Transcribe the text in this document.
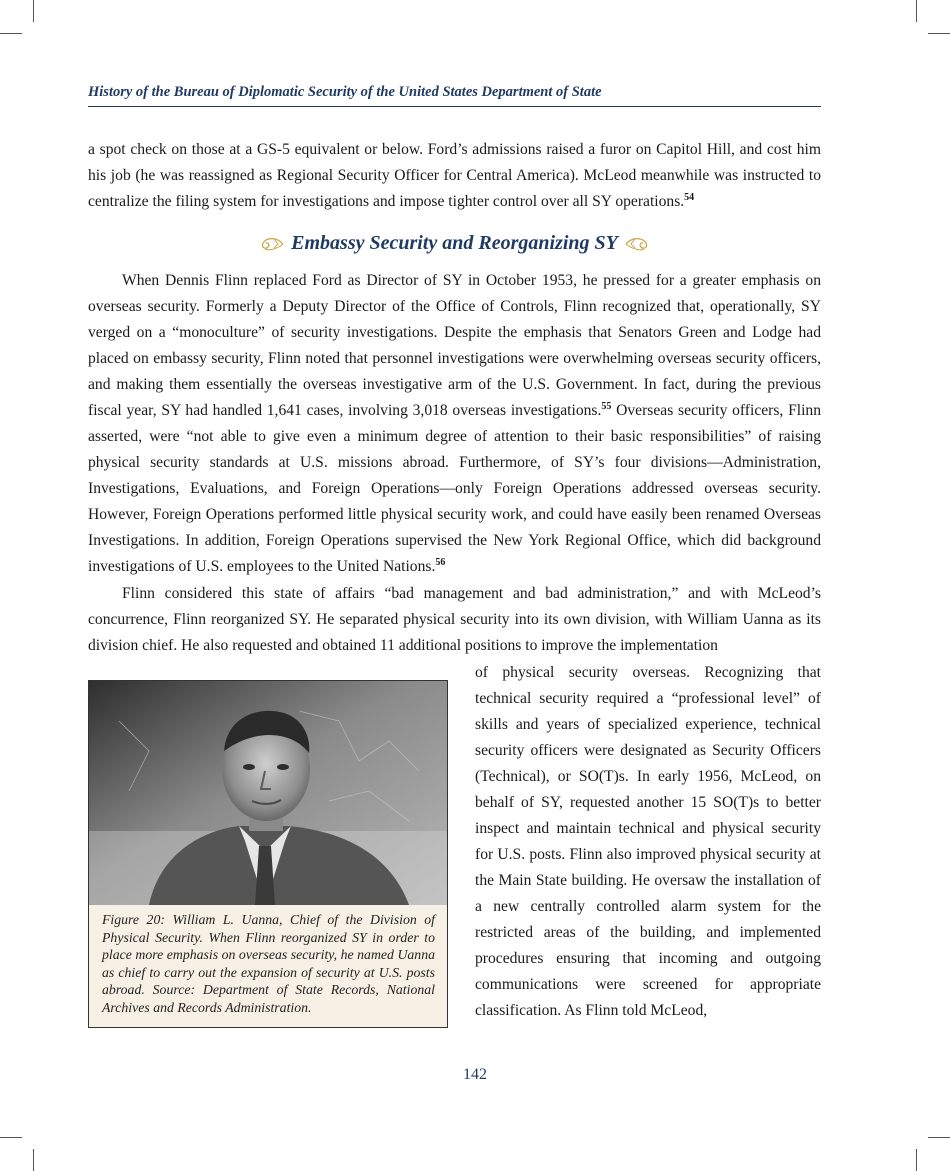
History of the Bureau of Diplomatic Security of the United States Department of State

a spot check on those at a GS-5 equivalent or below. Ford’s admissions raised a furor on Capitol Hill, and cost him his job (he was reassigned as Regional Security Officer for Central America). McLeod meanwhile was instructed to centralize the filing system for investigations and impose tighter control over all SY operations.$^{54}$

Embassy Security and Reorganizing SY

When Dennis Flinn replaced Ford as Director of SY in October 1953, he pressed for a greater emphasis on overseas security. Formerly a Deputy Director of the Office of Controls, Flinn recognized that, operationally, SY verged on a “monoculture” of security investigations. Despite the emphasis that Senators Green and Lodge had placed on embassy security, Flinn noted that personnel investigations were overwhelming overseas security officers, and making them essentially the overseas investigative arm of the U.S. Government. In fact, during the previous fiscal year, SY had handled 1,641 cases, involving 3,018 overseas investigations.$^{55}$ Overseas security officers, Flinn asserted, were “not able to give even a minimum degree of attention to their basic responsibilities” of raising physical security standards at U.S. missions abroad. Furthermore, of SY’s four divisions—Administration, Investigations, Evaluations, and Foreign Operations—only Foreign Operations addressed overseas security. However, Foreign Operations performed little physical security work, and could have easily been renamed Overseas Investigations. In addition, Foreign Operations supervised the New York Regional Office, which did background investigations of U.S. employees to the United Nations.$^{56}$

Flinn considered this state of affairs “bad management and bad administration,” and with McLeod’s concurrence, Flinn reorganized SY. He separated physical security into its own division, with William Uanna as its division chief. He also requested and obtained 11 additional positions to improve the implementation

Figure 20: William L. Uanna, Chief of the Division of Physical Security. When Flinn reorganized SY in order to place more emphasis on overseas security, he named Uanna as chief to carry out the expansion of security at U.S. posts abroad. Source: Department of State Records, National Archives and Records Administration.

of physical security overseas. Recognizing that technical security required a “professional level” of skills and years of specialized experience, technical security officers were designated as Security Officers (Technical), or SO(T)s. In early 1956, McLeod, on behalf of SY, requested another 15 SO(T)s to better inspect and maintain technical and physical security for U.S. posts. Flinn also improved physical security at the Main State building. He oversaw the installation of a new centrally controlled alarm system for the restricted areas of the building, and implemented procedures ensuring that incoming and outgoing communications were screened for appropriate classification. As Flinn told McLeod,

142
